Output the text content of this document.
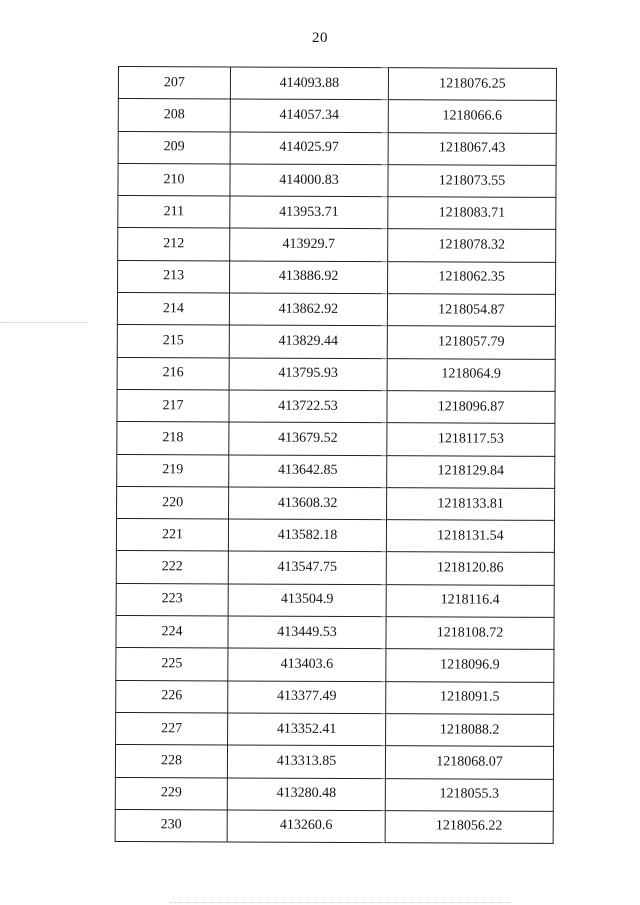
20
207	414093.88	1218076.25
208	414057.34	1218066.6
209	414025.97	1218067.43
210	414000.83	1218073.55
211	413953.71	1218083.71
212	413929.7	1218078.32
213	413886.92	1218062.35
214	413862.92	1218054.87
215	413829.44	1218057.79
216	413795.93	1218064.9
217	413722.53	1218096.87
218	413679.52	1218117.53
219	413642.85	1218129.84
220	413608.32	1218133.81
221	413582.18	1218131.54
222	413547.75	1218120.86
223	413504.9	1218116.4
224	413449.53	1218108.72
225	413403.6	1218096.9
226	413377.49	1218091.5
227	413352.41	1218088.2
228	413313.85	1218068.07
229	413280.48	1218055.3
230	413260.6	1218056.22
